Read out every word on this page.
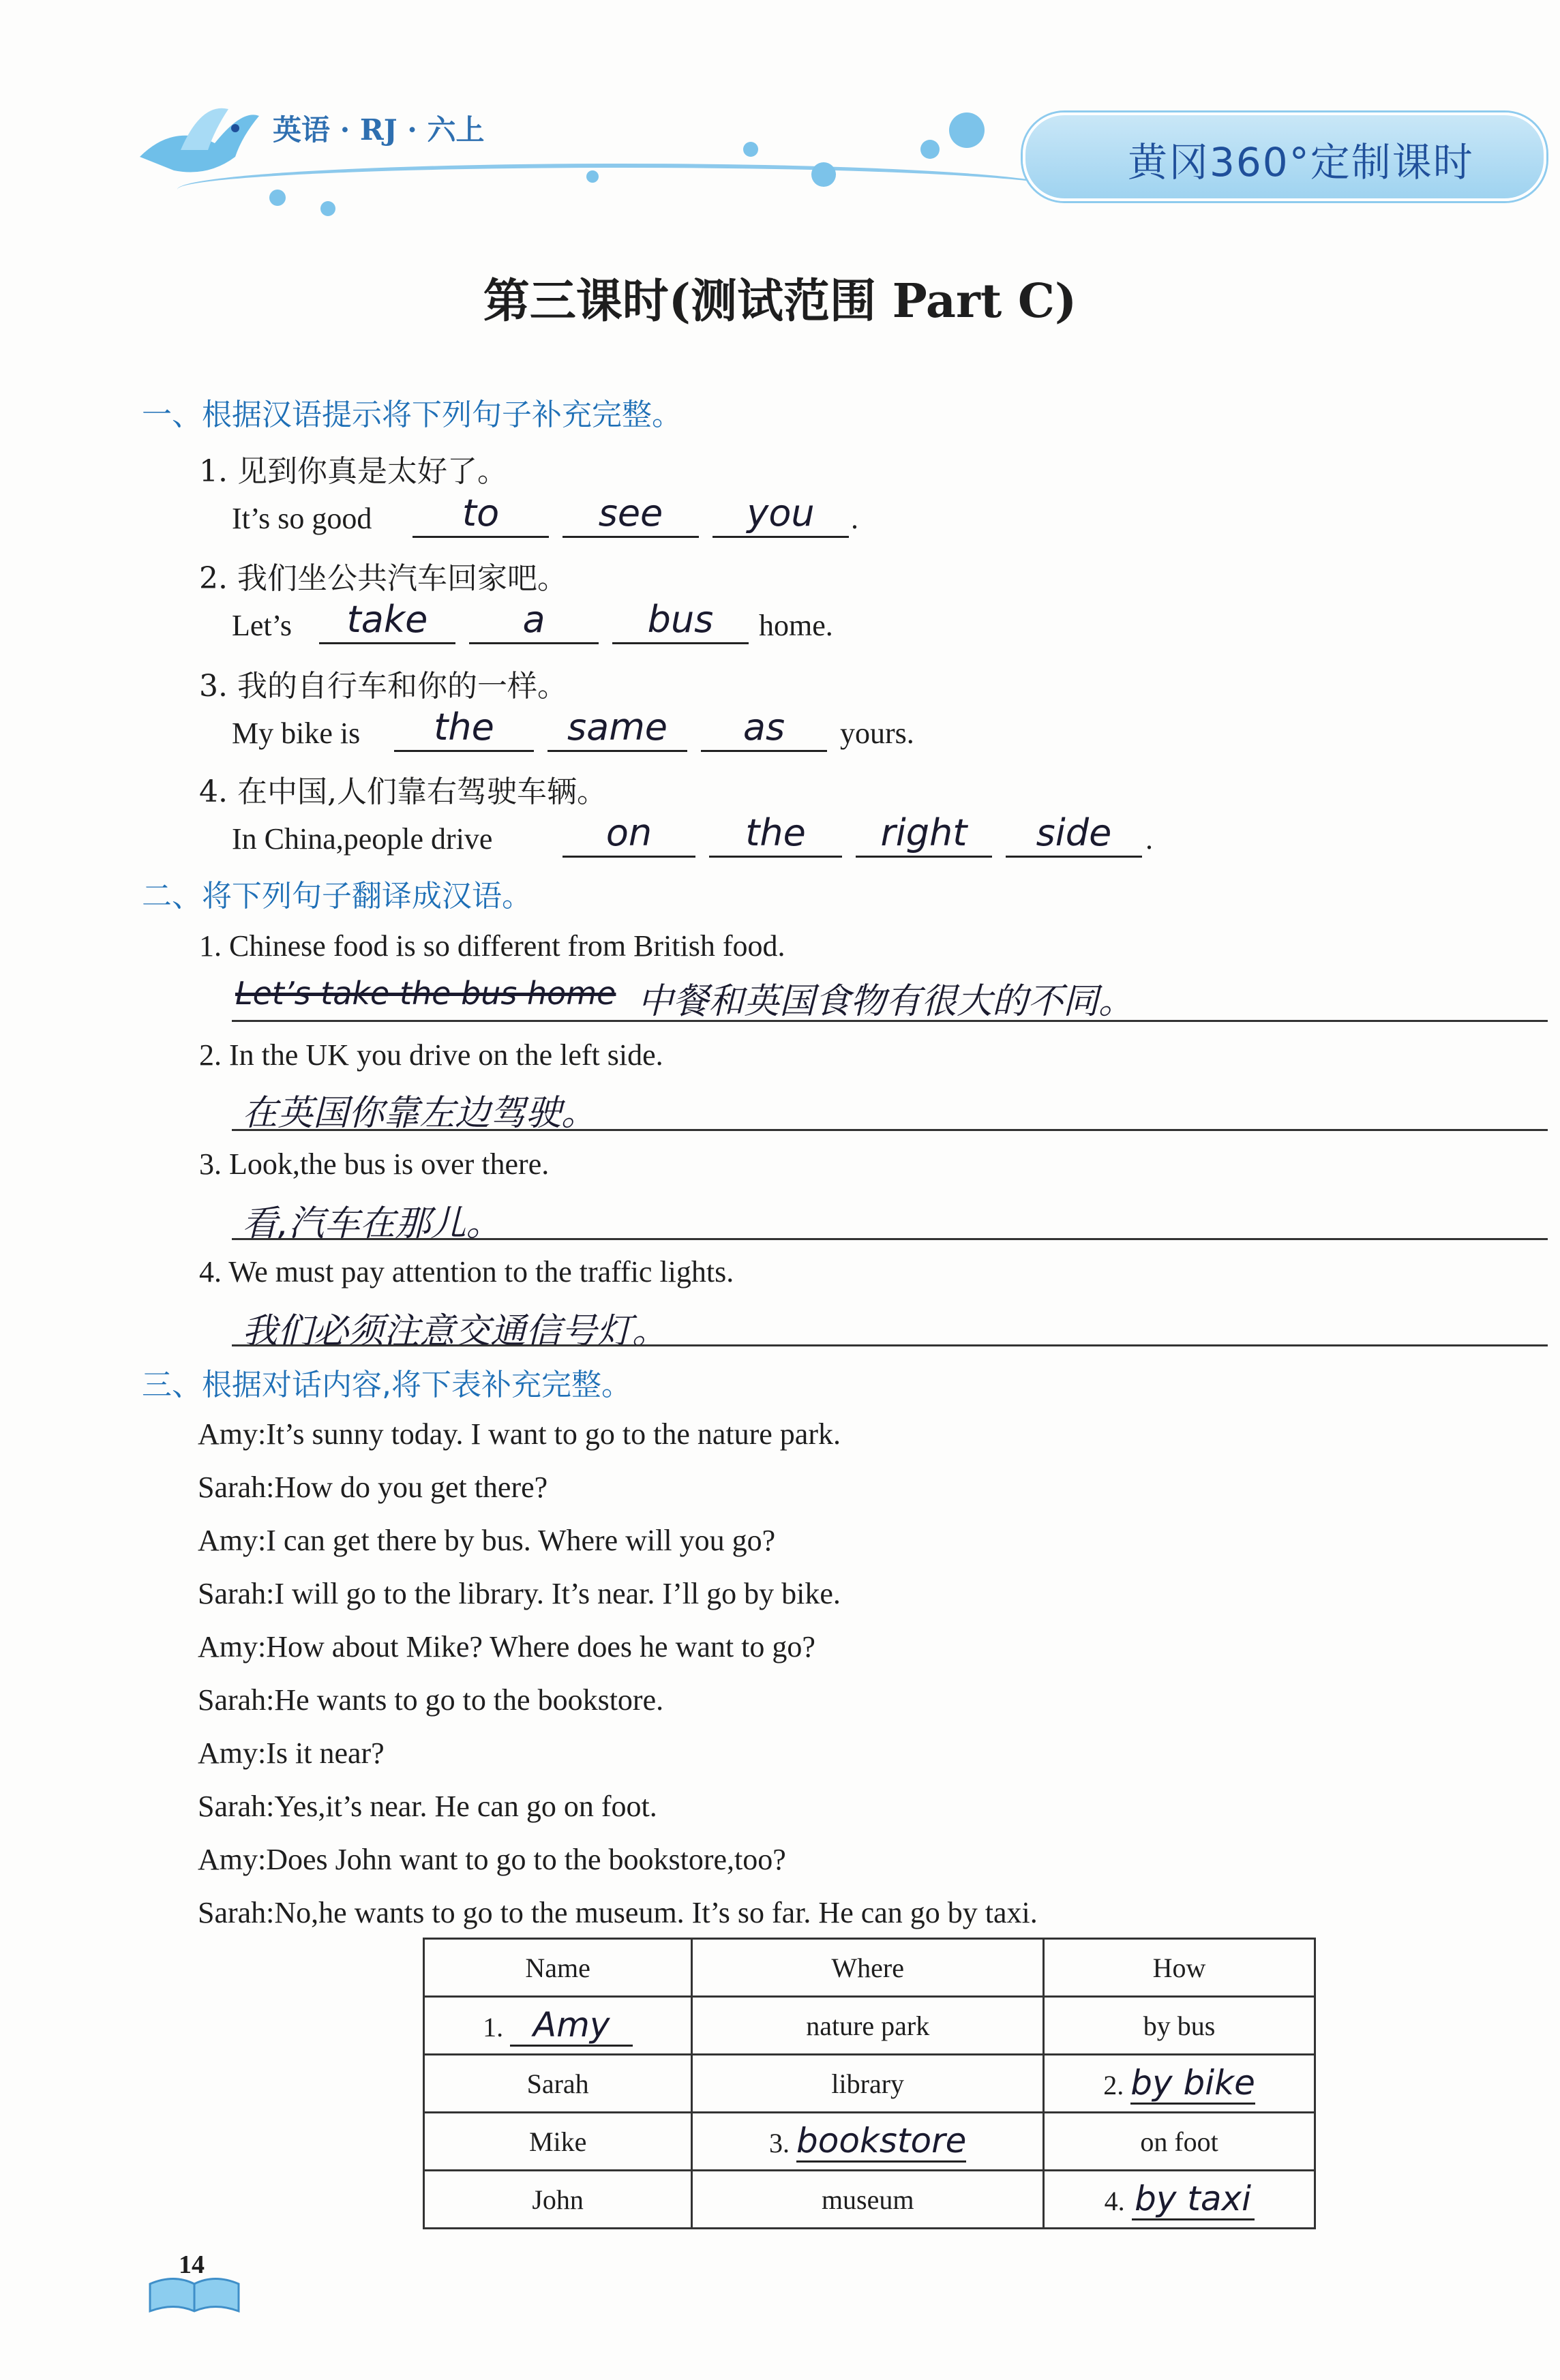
英语 · RJ · 六上
黄冈360°定制课时
第三课时(测试范围 Part C)
一、根据汉语提示将下列句子补充完整。
1. 见到你真是太好了。
It’s so good	to	see	you	.
2. 我们坐公共汽车回家吧。
Let’s	take	a	bus	home.
3. 我的自行车和你的一样。
My bike is	the	same	as	yours.
4. 在中国,人们靠右驾驶车辆。
In China,people drive	on	the	right	side	.
二、将下列句子翻译成汉语。
1. Chinese food is so different from British food.
Let’s take the bus home 中餐和英国食物有很大的不同。
2. In the UK you drive on the left side.
在英国你靠左边驾驶。
3. Look,the bus is over there.
看,汽车在那儿。
4. We must pay attention to the traffic lights.
我们必须注意交通信号灯。
三、根据对话内容,将下表补充完整。
Amy:It’s sunny today. I want to go to the nature park.
Sarah:How do you get there?
Amy:I can get there by bus. Where will you go?
Sarah:I will go to the library. It’s near. I’ll go by bike.
Amy:How about Mike? Where does he want to go?
Sarah:He wants to go to the bookstore.
Amy:Is it near?
Sarah:Yes,it’s near. He can go on foot.
Amy:Does John want to go to the bookstore,too?
Sarah:No,he wants to go to the museum. It’s so far. He can go by taxi.
Name	Where	How
1. Amy	nature park	by bus
Sarah	library	2. by bike
Mike	3. bookstore	on foot
John	museum	4. by taxi
14
